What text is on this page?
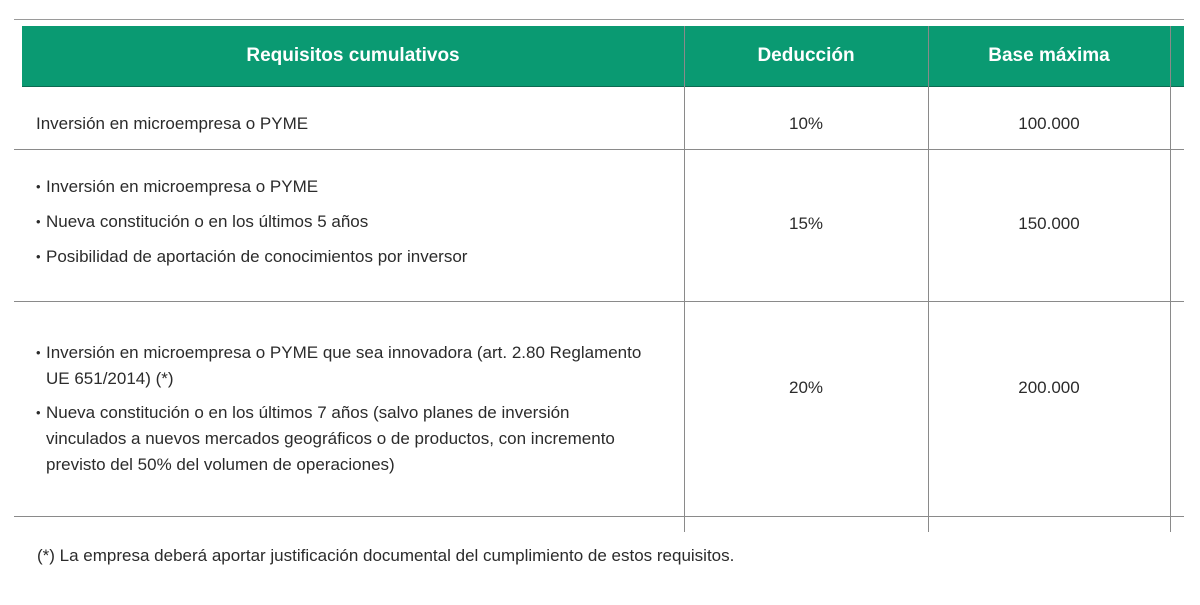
Requisitos cumulativos	Deducción	Base máxima
Inversión en microempresa o PYME	10%	100.000
• Inversión en microempresa o PYME
• Nueva constitución o en los últimos 5 años
• Posibilidad de aportación de conocimientos por inversor
15%	150.000
• Inversión en microempresa o PYME que sea innovadora (art. 2.80 Reglamento UE 651/2014) (*)
• Nueva constitución o en los últimos 7 años (salvo planes de inversión vinculados a nuevos mercados geográficos o de productos, con incremento previsto del 50% del volumen de operaciones)
20%	200.000
(*) La empresa deberá aportar justificación documental del cumplimiento de estos requisitos.
